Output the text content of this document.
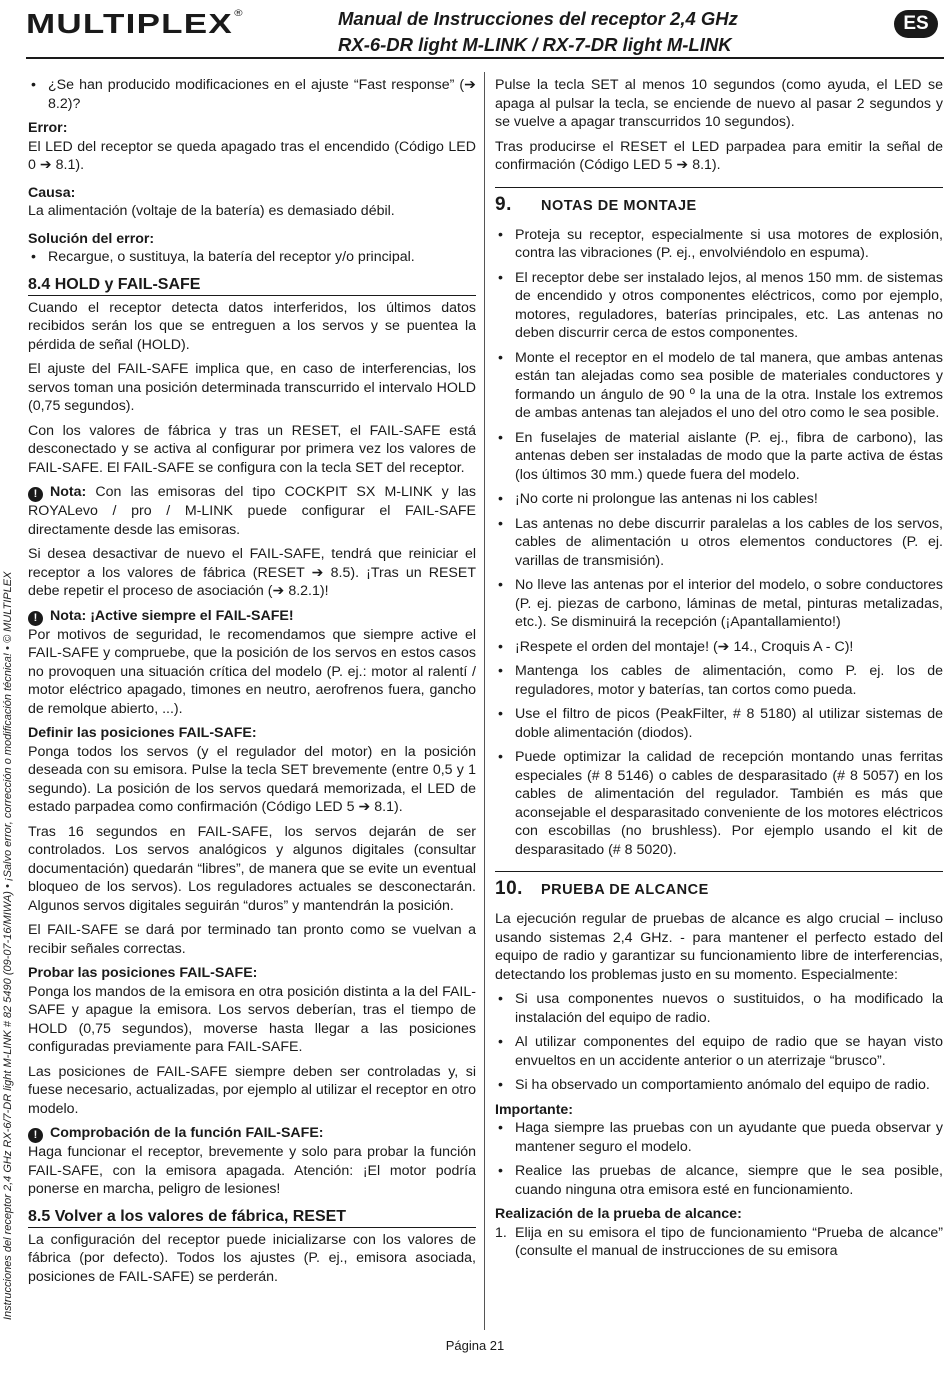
MULTIPLEX®	Manual de Instrucciones del receptor 2,4 GHz
RX-6-DR light M-LINK / RX-7-DR light M-LINK
ES
Instrucciones del receptor 2,4 GHz RX-6/7-DR light M-LINK # 82 5490 (09-07-16/MIWA) • ¡Salvo error, corrección o modificación técnica! • © MULTIPLEX
• ¿Se han producido modificaciones en el ajuste “Fast response” (➔ 8.2)?
Error:

El LED del receptor se queda apagado tras el encendido (Código LED 0 ➔ 8.1).

Causa:

La alimentación (voltaje de la batería) es demasiado débil.

Solución del error:
• Recargue, o sustituya, la batería del receptor y/o principal.
8.4 HOLD y FAIL-SAFE

Cuando el receptor detecta datos interferidos, los últimos datos recibidos serán los que se entreguen a los servos y se puentea la pérdida de señal (HOLD).

El ajuste del FAIL-SAFE implica que, en caso de interferencias, los servos toman una posición determinada transcurrido el intervalo HOLD (0,75 segundos).

Con los valores de fábrica y tras un RESET, el FAIL-SAFE está desconectado y se activa al configurar por primera vez los valores de FAIL-SAFE. El FAIL-SAFE se configura con la tecla SET del receptor.

! Nota: Con las emisoras del tipo COCKPIT SX M-LINK y las ROYALevo / pro / M-LINK puede configurar el FAIL-SAFE directamente desde las emisoras.

Si desea desactivar de nuevo el FAIL-SAFE, tendrá que reiniciar el receptor a los valores de fábrica (RESET ➔ 8.5). ¡Tras un RESET debe repetir el proceso de asociación (➔ 8.2.1)!

! Nota: ¡Active siempre el FAIL-SAFE!

Por motivos de seguridad, le recomendamos que siempre active el FAIL-SAFE y compruebe, que la posición de los servos en estos casos no provoquen una situación crítica del modelo (P. ej.: motor al ralentí / motor eléctrico apagado, timones en neutro, aerofrenos fuera, gancho de remolque abierto, ...).

Definir las posiciones FAIL-SAFE:

Ponga todos los servos (y el regulador del motor) en la posición deseada con su emisora. Pulse la tecla SET brevemente (entre 0,5 y 1 segundo). La posición de los servos quedará memorizada, el LED de estado parpadea como confirmación (Código LED 5 ➔ 8.1).

Tras 16 segundos en FAIL-SAFE, los servos dejarán de ser controlados. Los servos analógicos y algunos digitales (consultar documentación) quedarán “libres”, de manera que se evite un eventual bloqueo de los servos). Los reguladores actuales se desconectarán. Algunos servos digitales seguirán “duros” y mantendrán la posición.

El FAIL-SAFE se dará por terminado tan pronto como se vuelvan a recibir señales correctas.

Probar las posiciones FAIL-SAFE:

Ponga los mandos de la emisora en otra posición distinta a la del FAIL-SAFE y apague la emisora. Los servos deberían, tras el tiempo de HOLD (0,75 segundos), moverse hasta llegar a las posiciones configuradas previamente para FAIL-SAFE.

Las posiciones de FAIL-SAFE siempre deben ser controladas y, si fuese necesario, actualizadas, por ejemplo al utilizar el receptor en otro modelo.

! Comprobación de la función FAIL-SAFE:

Haga funcionar el receptor, brevemente y solo para probar la función FAIL-SAFE, con la emisora apagada. Atención: ¡El motor podría ponerse en marcha, peligro de lesiones!

8.5 Volver a los valores de fábrica, RESET

La configuración del receptor puede inicializarse con los valores de fábrica (por defecto). Todos los ajustes (P. ej., emisora asociada, posiciones de FAIL-SAFE) se perderán.

Pulse la tecla SET al menos 10 segundos (como ayuda, el LED se apaga al pulsar la tecla, se enciende de nuevo al pasar 2 segundos y se vuelve a apagar transcurridos 10 segundos).

Tras producirse el RESET el LED parpadea para emitir la señal de confirmación (Código LED 5 ➔ 8.1).

9. NOTAS DE MONTAJE
• Proteja su receptor, especialmente si usa motores de explosión, contra las vibraciones (P. ej., envolviéndolo en espuma).
• El receptor debe ser instalado lejos, al menos 150 mm. de sistemas de encendido y otros componentes eléctricos, como por ejemplo, motores, reguladores, baterías principales, etc. Las antenas no deben discurrir cerca de estos componentes.
• Monte el receptor en el modelo de tal manera, que ambas antenas están tan alejadas como sea posible de materiales conductores y formando un ángulo de 90 º la una de la otra. Instale los extremos de ambas antenas tan alejados el uno del otro como le sea posible.
• En fuselajes de material aislante (P. ej., fibra de carbono), las antenas deben ser instaladas de modo que la parte activa de éstas (los últimos 30 mm.) quede fuera del modelo.
• ¡No corte ni prolongue las antenas ni los cables!
• Las antenas no debe discurrir paralelas a los cables de los servos, cables de alimentación u otros elementos conductores (P. ej. varillas de transmisión).
• No lleve las antenas por el interior del modelo, o sobre conductores (P. ej. piezas de carbono, láminas de metal, pinturas metalizadas, etc.). Se disminuirá la recepción (¡Apantallamiento!)
• ¡Respete el orden del montaje! (➔ 14., Croquis A - C)!
• Mantenga los cables de alimentación, como P. ej. los de reguladores, motor y baterías, tan cortos como pueda.
• Use el filtro de picos (PeakFilter, # 8 5180) al utilizar sistemas de doble alimentación (diodos).
• Puede optimizar la calidad de recepción montando unas ferritas especiales (# 8 5146) o cables de desparasitado (# 8 5057) en los cables de alimentación del regulador. También es más que aconsejable el desparasitado conveniente de los motores eléctricos con escobillas (no brushless). Por ejemplo usando el kit de desparasitado (# 8 5020).
10. PRUEBA DE ALCANCE

La ejecución regular de pruebas de alcance es algo crucial – incluso usando sistemas 2,4 GHz. - para mantener el perfecto estado del equipo de radio y garantizar su funcionamiento libre de interferencias, detectando los problemas justo en su momento. Especialmente:

• Si usa componentes nuevos o sustituidos, o ha modificado la instalación del equipo de radio.
• Al utilizar componentes del equipo de radio que se hayan visto envueltos en un accidente anterior o un aterrizaje “brusco”.
• Si ha observado un comportamiento anómalo del equipo de radio.
Importante:
• Haga siempre las pruebas con un ayudante que pueda observar y mantener seguro el modelo.
• Realice las pruebas de alcance, siempre que le sea posible, cuando ninguna otra emisora esté en funcionamiento.
Realización de la prueba de alcance:
1. Elija en su emisora el tipo de funcionamiento “Prueba de alcance” (consulte el manual de instrucciones de su emisora
Página 21
